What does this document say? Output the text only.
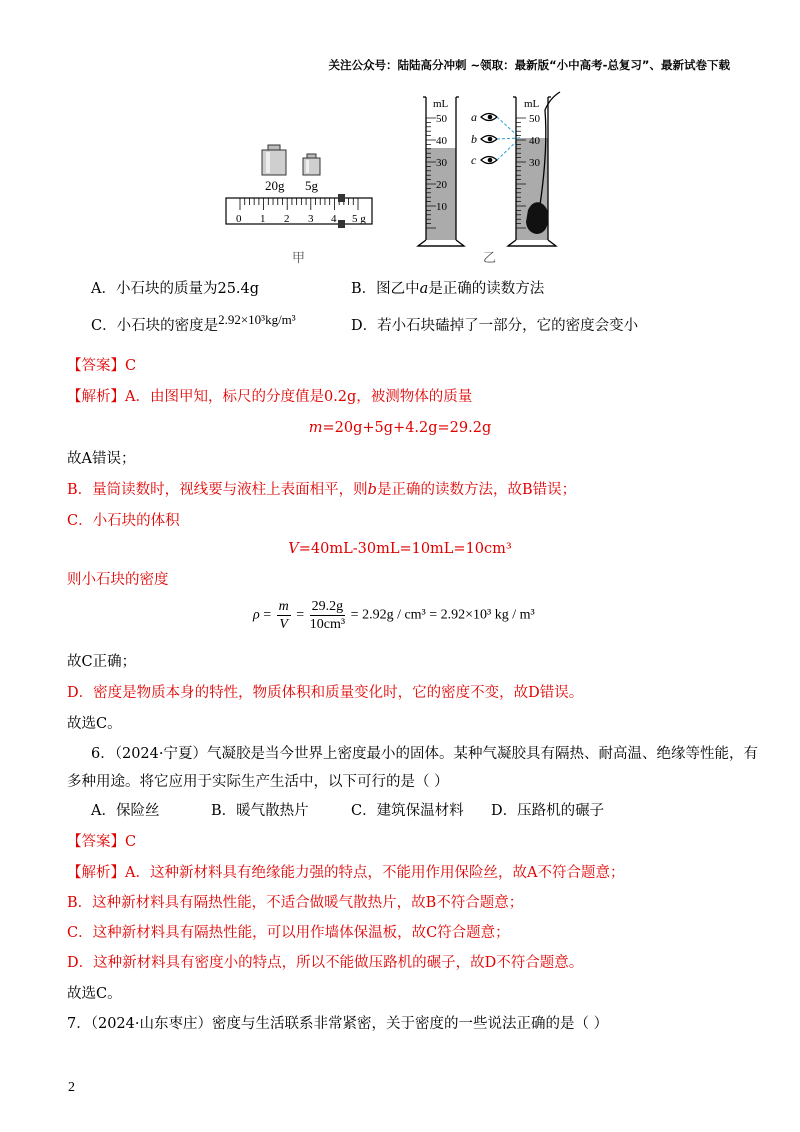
关注公众号：陆陆高分冲刺 ~领取：最新版“小中高考-总复习”、最新试卷下载
20g 5g
0 1 2 3 4 5 g
甲
mL
50
40
30
20
10
a
b
c
mL
50
40
30
乙
A．小石块的质量为25.4g	B．图乙中a是正确的读数方法
C．小石块的密度是2.92×10³kg/m³	D．若小石块磕掉了一部分，它的密度会变小
【答案】C
【解析】A．由图甲知，标尺的分度值是0.2g，被测物体的质量
m=20g+5g+4.2g=29.2g
故A错误；
B．量筒读数时，视线要与液柱上表面相平，则b是正确的读数方法，故B错误；
C．小石块的体积
V=40mL-30mL=10mL=10cm³
则小石块的密度
$\rho = \frac{m}{V} = \frac{29.2g}{\text{10cm³}} = 2.92g / cm^3 = 2.92\times 10^3$ kg / m³
故C正确；
D．密度是物质本身的特性，物质体积和质量变化时，它的密度不变，故D错误。
故选C。
6．（2024·宁夏）气凝胶是当今世界上密度最小的固体。某种气凝胶具有隔热、耐高温、绝缘等性能，有
多种用途。将它应用于实际生产生活中，以下可行的是（ ）
A．保险丝	B．暖气散热片	C．建筑保温材料 D．压路机的碾子
【答案】C
【解析】A．这种新材料具有绝缘能力强的特点，不能用作用保险丝，故A不符合题意；
B．这种新材料具有隔热性能，不适合做暖气散热片，故B不符合题意；
C．这种新材料具有隔热性能，可以用作墙体保温板，故C符合题意；
D．这种新材料具有密度小的特点，所以不能做压路机的碾子，故D不符合题意。
故选C。
7．（2024·山东枣庄）密度与生活联系非常紧密，关于密度的一些说法正确的是（ ）
2
